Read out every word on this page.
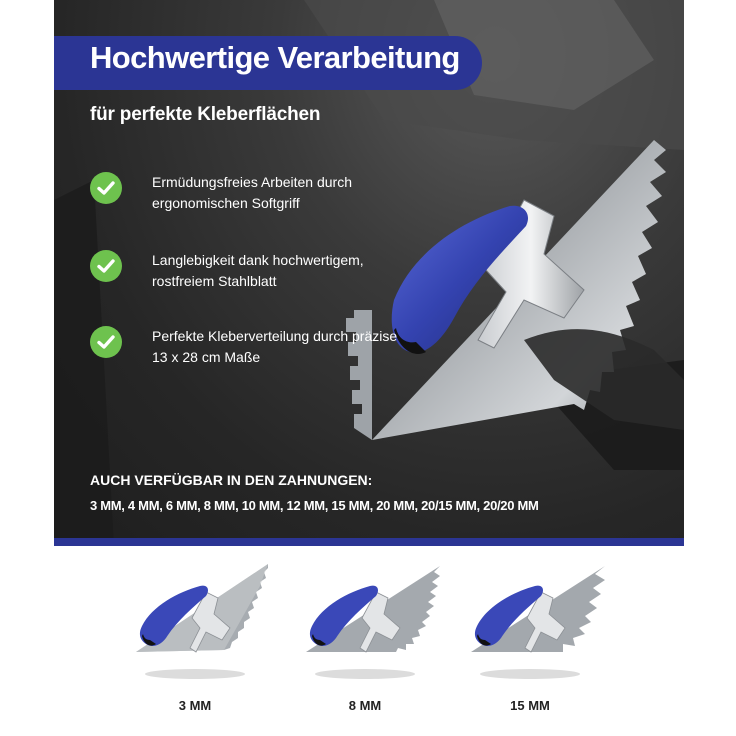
Hochwertige Verarbeitung
für perfekte Kleberflächen
Ermüdungsfreies Arbeiten durch ergonomischen Softgriff
Langlebigkeit dank hochwertigem, rostfreiem Stahlblatt
Perfekte Kleberverteilung durch präzise 13 x 28 cm Maße
AUCH VERFÜGBAR IN DEN ZAHNUNGEN:
3 MM, 4 MM, 6 MM, 8 MM, 10 MM, 12 MM, 15 MM, 20 MM, 20/15 MM, 20/20 MM
3 MM	8 MM	15 MM
